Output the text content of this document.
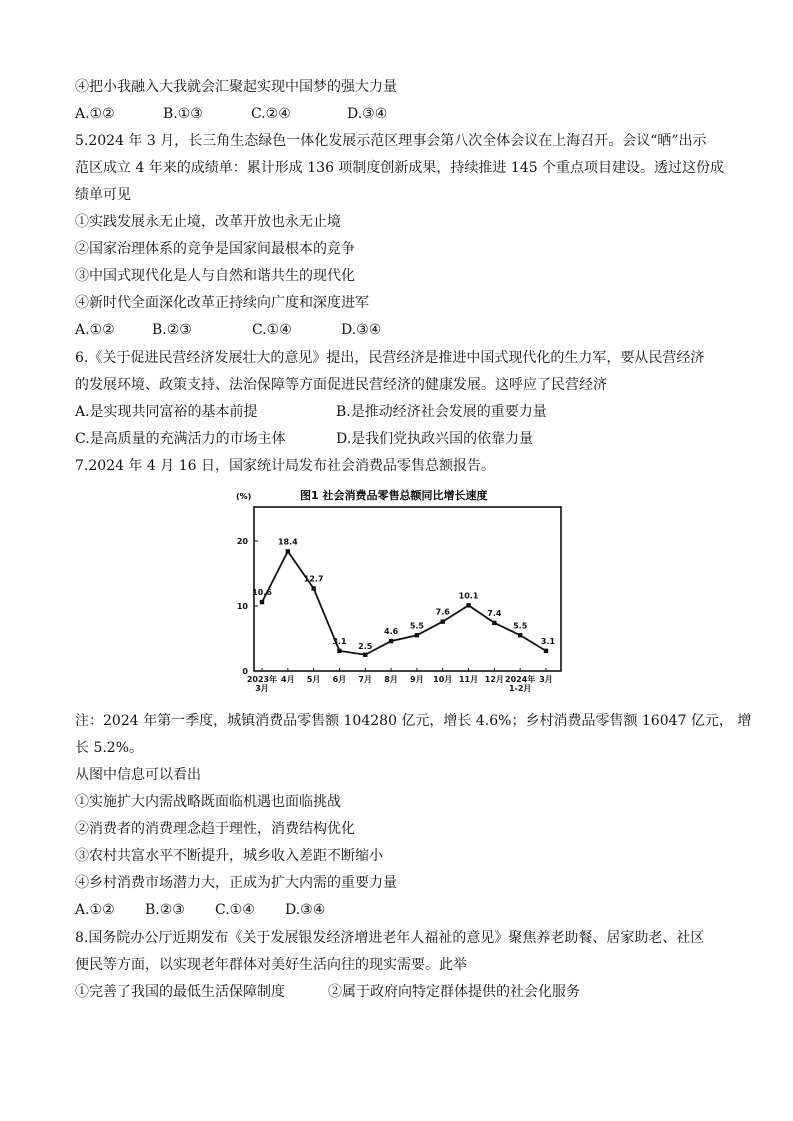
④把小我融入大我就会汇聚起实现中国梦的强大力量
A.①②	B.①③	C.②④	D.③④
5.2024 年 3 月，长三角生态绿色一体化发展示范区理事会第八次全体会议在上海召开。会议“晒”出示
范区成立 4 年来的成绩单：累计形成 136 项制度创新成果，持续推进 145 个重点项目建设。透过这份成
绩单可见
①实践发展永无止境，改革开放也永无止境
②国家治理体系的竞争是国家间最根本的竞争
③中国式现代化是人与自然和谐共生的现代化
④新时代全面深化改革正持续向广度和深度进军
A.①②	B.②③	C.①④	D.③④
6.《关于促进民营经济发展壮大的意见》提出，民营经济是推进中国式现代化的生力军，要从民营经济
的发展环境、政策支持、法治保障等方面促进民营经济的健康发展。这呼应了民营经济
A.是实现共同富裕的基本前提	B.是推动经济社会发展的重要力量
C.是高质量的充满活力的市场主体	D.是我们党执政兴国的依靠力量
7.2024 年 4 月 16 日，国家统计局发布社会消费品零售总额报告。
图1 社会消费品零售总额同比增长速度
(%)
0
10
20
2023年
3月
4月 5月 6月 7月 8月 9月 10月 11月 12月 2024年
1-2月
3月
10.6
18.4
12.7
3.1
2.5
4.6
5.5
7.6
10.1
7.4
5.5
3.1
注：2024 年第一季度，城镇消费品零售额 104280 亿元，增长 4.6%；乡村消费品零售额 16047 亿元， 增
长 5.2%。
从图中信息可以看出
①实施扩大内需战略既面临机遇也面临挑战
②消费者的消费理念趋于理性，消费结构优化
③农村共富水平不断提升，城乡收入差距不断缩小
④乡村消费市场潜力大，正成为扩大内需的重要力量
A.①② B.②③ C.①④ D.③④
8.国务院办公厅近期发布《关于发展银发经济增进老年人福祉的意见》聚焦养老助餐、居家助老、社区
便民等方面，以实现老年群体对美好生活向往的现实需要。此举
①完善了我国的最低生活保障制度	②属于政府向特定群体提供的社会化服务
